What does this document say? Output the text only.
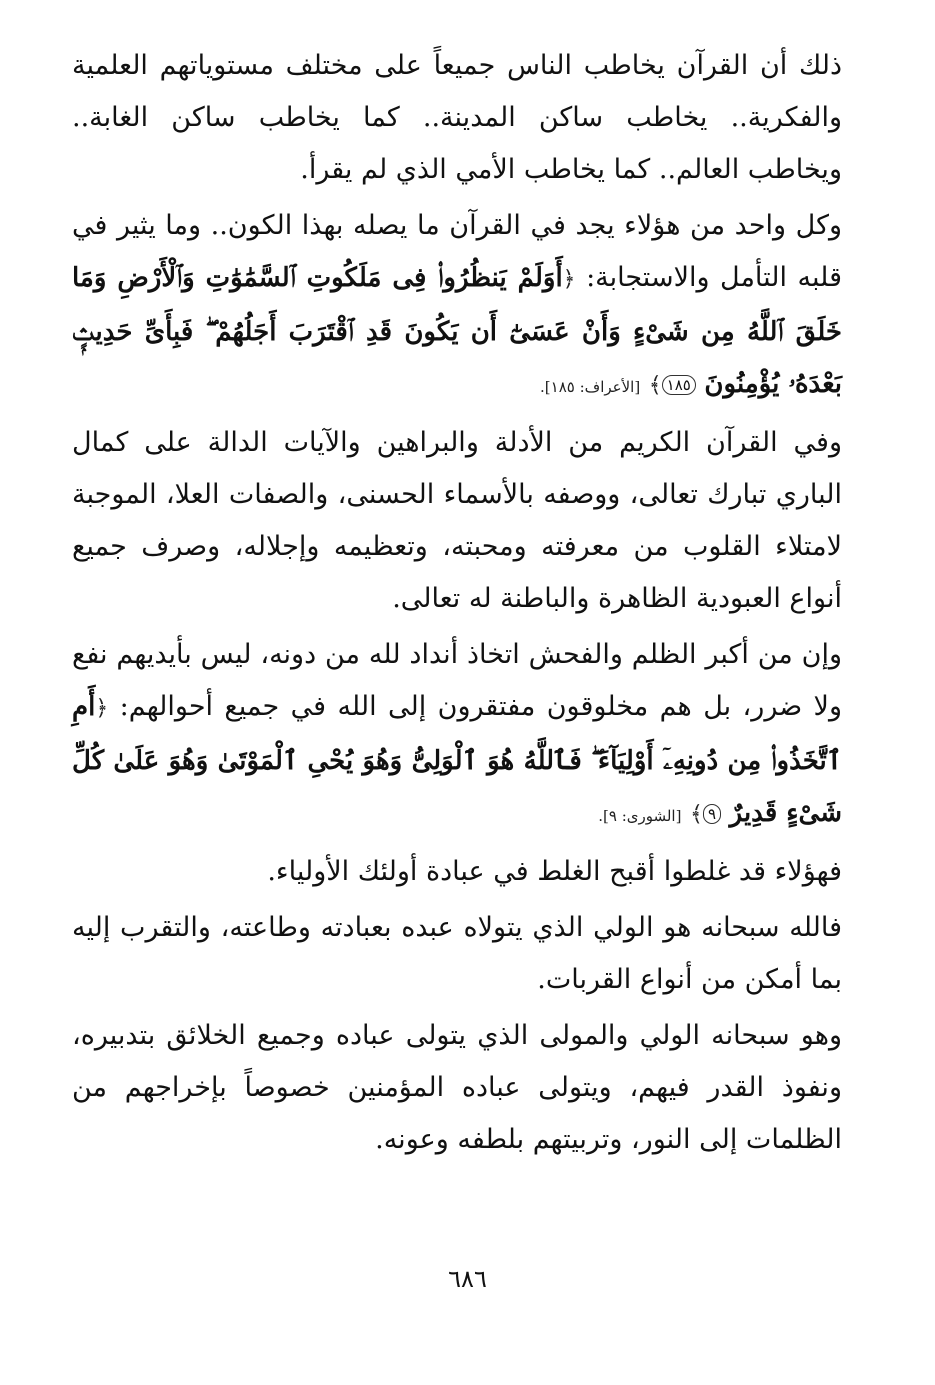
ذلك أن القرآن يخاطب الناس جميعاً على مختلف مستوياتهم العلمية والفكرية.. يخاطب ساكن المدينة.. كما يخاطب ساكن الغابة.. ويخاطب العالم.. كما يخاطب الأمي الذي لم يقرأ.

وكل واحد من هؤلاء يجد في القرآن ما يصله بهذا الكون.. وما يثير في قلبه التأمل والاستجابة: ﴿أَوَلَمْ يَنظُرُوا۟ فِى مَلَكُوتِ ٱلسَّمَٰوَٰتِ وَٱلْأَرْضِ وَمَا خَلَقَ ٱللَّهُ مِن شَىْءٍ وَأَنْ عَسَىٰٓ أَن يَكُونَ قَدِ ٱقْتَرَبَ أَجَلُهُمْ ۖ فَبِأَىِّ حَدِيثٍۭ بَعْدَهُۥ يُؤْمِنُونَ ١٨٥﴾ [الأعراف: ١٨٥].

وفي القرآن الكريم من الأدلة والبراهين والآيات الدالة على كمال الباري تبارك تعالى، ووصفه بالأسماء الحسنى، والصفات العلا، الموجبة لامتلاء القلوب من معرفته ومحبته، وتعظيمه وإجلاله، وصرف جميع أنواع العبودية الظاهرة والباطنة له تعالى.

وإن من أكبر الظلم والفحش اتخاذ أنداد لله من دونه، ليس بأيديهم نفع ولا ضرر، بل هم مخلوقون مفتقرون إلى الله في جميع أحوالهم: ﴿أَمِ ٱتَّخَذُوا۟ مِن دُونِهِۦٓ أَوْلِيَآءَ ۖ فَٱللَّهُ هُوَ ٱلْوَلِىُّ وَهُوَ يُحْىِ ٱلْمَوْتَىٰ وَهُوَ عَلَىٰ كُلِّ شَىْءٍ قَدِيرٌ ٩﴾ [الشورى: ٩].

فهؤلاء قد غلطوا أقبح الغلط في عبادة أولئك الأولياء.

فالله سبحانه هو الولي الذي يتولاه عبده بعبادته وطاعته، والتقرب إليه بما أمكن من أنواع القربات.

وهو سبحانه الولي والمولى الذي يتولى عباده وجميع الخلائق بتدبيره، ونفوذ القدر فيهم، ويتولى عباده المؤمنين خصوصاً بإخراجهم من الظلمات إلى النور، وتربيتهم بلطفه وعونه.

٦٨٦
